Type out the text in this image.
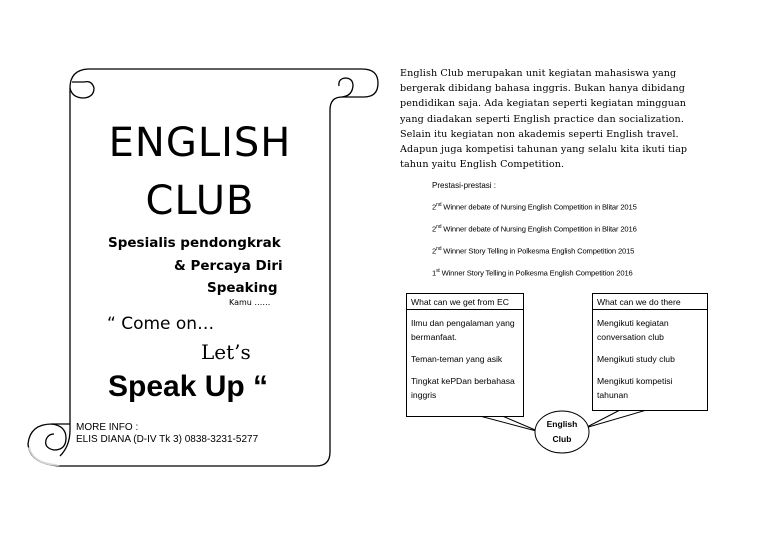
ENGLISH
CLUB
Spesialis pendongkrak
& Percaya Diri
Speaking
Kamu ……
“ Come on…
Let’s
Speak Up “
MORE INFO :
ELIS DIANA (D-IV Tk 3) 0838-3231-5277
English Club merupakan unit kegiatan mahasiswa yang
bergerak dibidang bahasa inggris. Bukan hanya dibidang
pendidikan saja. Ada kegiatan seperti kegiatan mingguan
yang diadakan seperti English practice dan socialization.
Selain itu kegiatan non akademis seperti English travel.
Adapun juga kompetisi tahunan yang selalu kita ikuti tiap
tahun yaitu English Competition.
Prestasi-prestasi :
2nd Winner debate of Nursing English Competition in Blitar 2015
2nd Winner debate of Nursing English Competition in Blitar 2016
2nd Winner Story Telling in Polkesma English Competition 2015
1st Winner Story Telling in Polkesma English Competition 2016
What can we get from EC
Ilmu dan pengalaman yang bermanfaat.
Teman-teman yang asik
Tingkat kePDan berbahasa inggris
What can we do there
Mengikuti kegiatan conversation club
Mengikuti study club
Mengikuti kompetisi tahunan
English
Club
